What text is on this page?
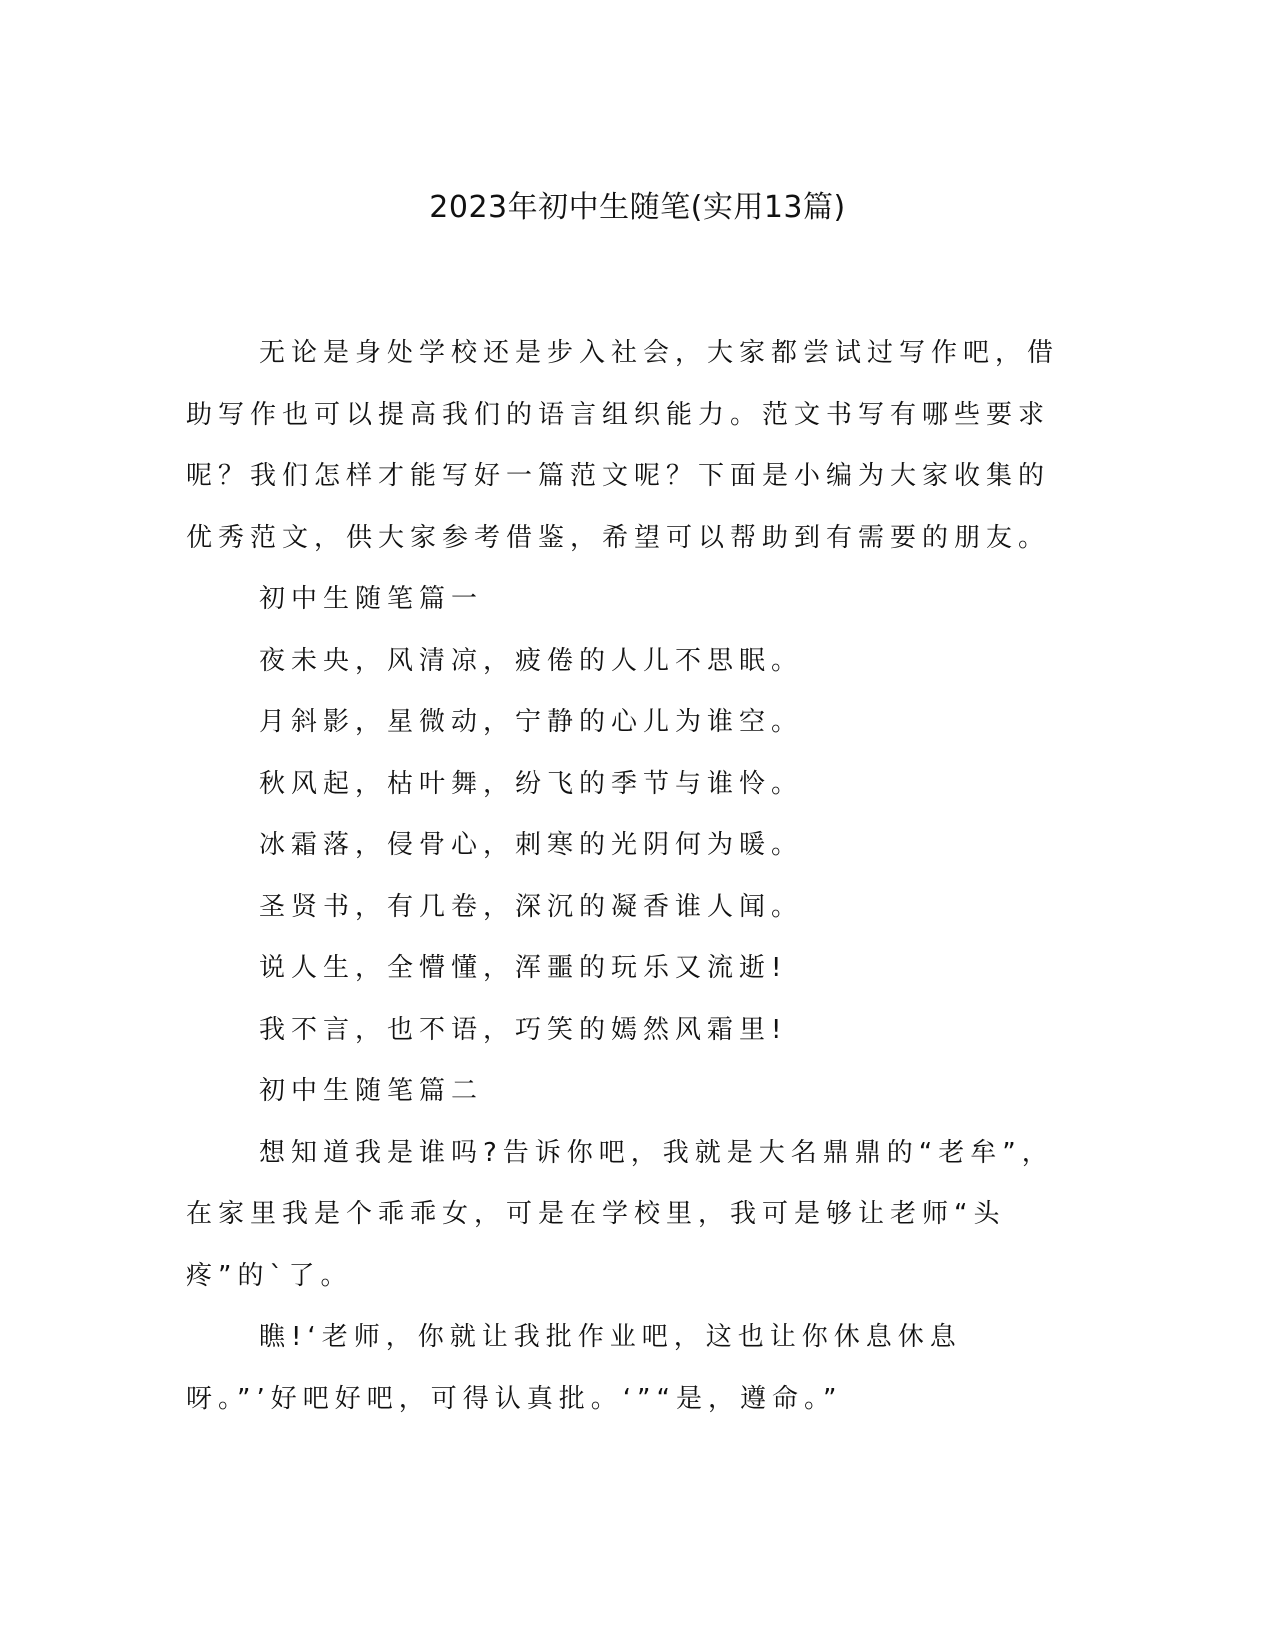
2023年初中生随笔(实用13篇)

无论是身处学校还是步入社会，大家都尝试过写作吧，借助写作也可以提高我们的语言组织能力。范文书写有哪些要求呢？我们怎样才能写好一篇范文呢？下面是小编为大家收集的优秀范文，供大家参考借鉴，希望可以帮助到有需要的朋友。

初中生随笔篇一

夜未央，风清凉，疲倦的人儿不思眠。

月斜影，星微动，宁静的心儿为谁空。

秋风起，枯叶舞，纷飞的季节与谁怜。

冰霜落，侵骨心，刺寒的光阴何为暖。

圣贤书，有几卷，深沉的凝香谁人闻。

说人生，全懵懂，浑噩的玩乐又流逝!

我不言，也不语，巧笑的嫣然风霜里!

初中生随笔篇二

想知道我是谁吗?告诉你吧，我就是大名鼎鼎的“老牟”，在家里我是个乖乖女，可是在学校里，我可是够让老师“头疼”的`了。

瞧!‘老师，你就让我批作业吧，这也让你休息休息呀。”’好吧好吧，可得认真批。‘”“是，遵命。”
